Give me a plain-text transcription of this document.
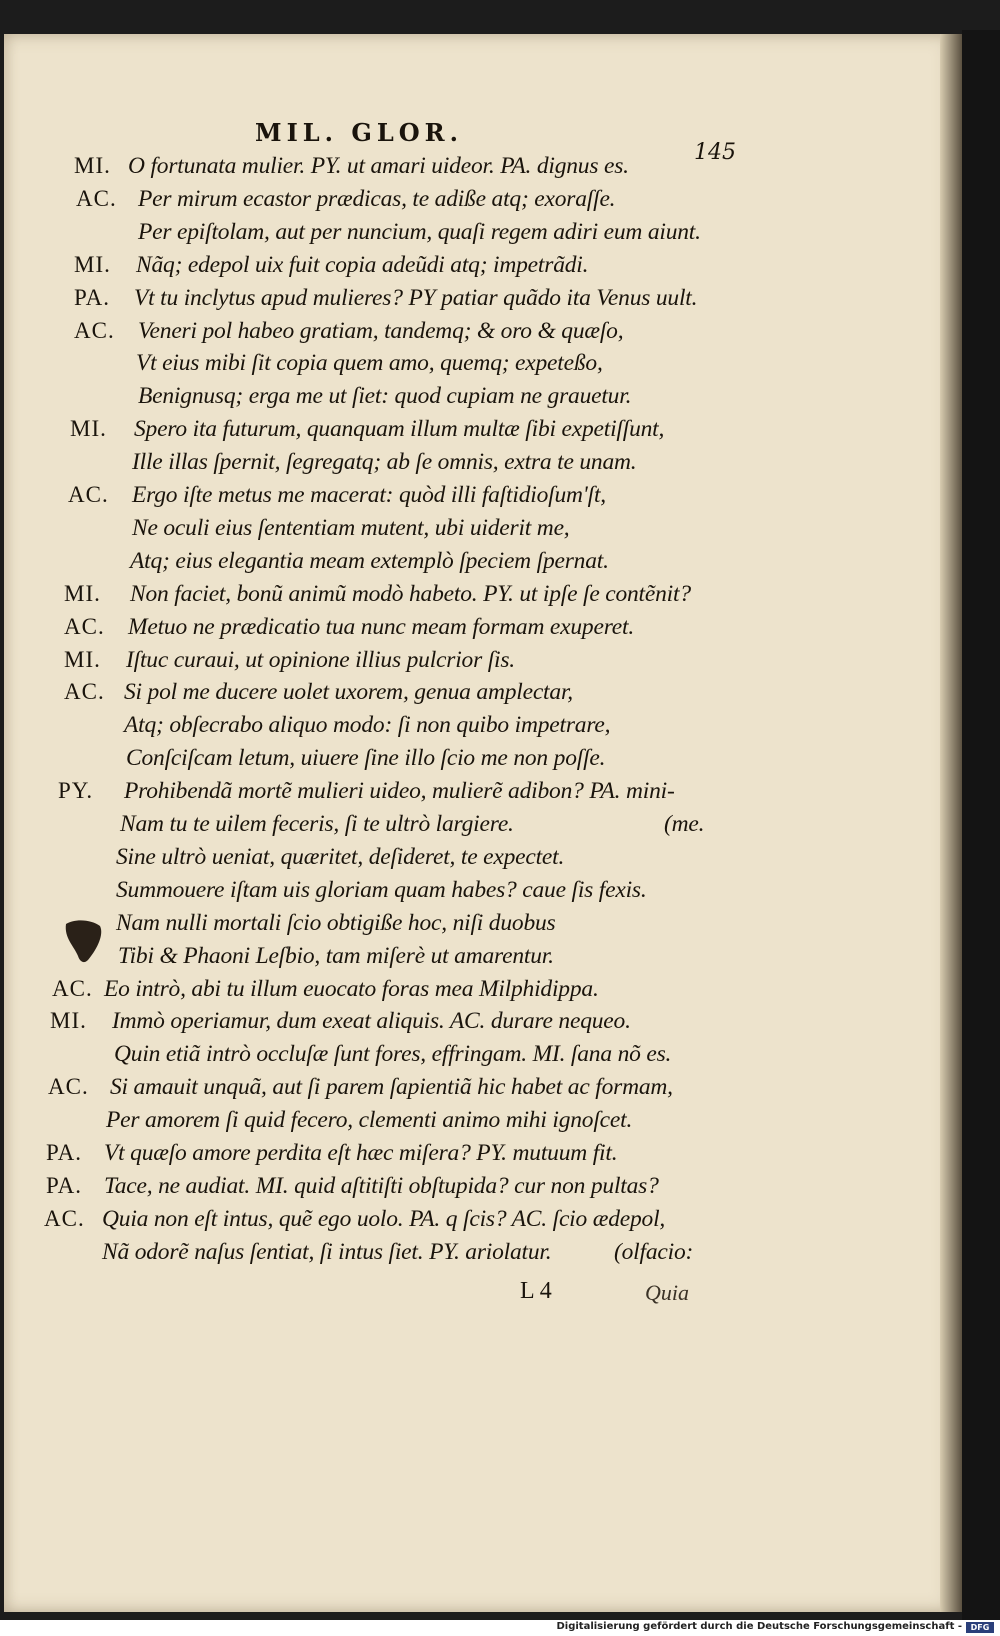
MIL. GLOR.
145
MI. O fortunata mulier. PY. ut amari uideor. PA. dignus es.
AC. Per mirum ecastor prædicas, te adiße atq; exoraſſe.
Per epiſtolam, aut per nuncium, quaſi regem adiri eum aiunt.
MI.	Nãq; edepol uix fuit copia adeũdi atq; impetrãdi.
PA.	Vt tu inclytus apud mulieres? PY patiar quãdo ita Venus uult.
AC. Veneri pol habeo gratiam, tandemq; & oro & quæſo,
Vt eius mibi ſit copia quem amo, quemq; expeteßo,
Benignusq; erga me ut ſiet: quod cupiam ne grauetur.
MI.	Spero ita futurum, quanquam illum multæ ſibi expetiſſunt,
Ille illas ſpernit, ſegregatq; ab ſe omnis, extra te unam.
AC. Ergo iſte metus me macerat: quòd illi faſtidioſum'ſt,
Ne oculi eius ſententiam mutent, ubi uiderit me,
Atq; eius elegantia meam extemplò ſpeciem ſpernat.
MI.	Non faciet, bonũ animũ modò habeto. PY. ut ipſe ſe contẽnit?
AC. Metuo ne prædicatio tua nunc meam formam exuperet.
MI.	Iſtuc curaui, ut opinione illius pulcrior ſis.
AC. Si pol me ducere uolet uxorem, genua amplectar,
Atq; obſecrabo aliquo modo: ſi non quibo impetrare,
Conſciſcam letum, uiuere ſine illo ſcio me non poſſe.
PY.	Prohibendã mortẽ mulieri uideo, mulierẽ adibon? PA. mini-
Nam tu te uilem feceris, ſi te ultrò largiere.	(me.
Sine ultrò ueniat, quæritet, deſideret, te expectet.
Summouere iſtam uis gloriam quam habes? caue ſis fexis.
Nam nulli mortali ſcio obtigiße hoc, niſi duobus
Tibi & Phaoni Leſbio, tam miſerè ut amarentur.
AC. Eo intrò, abi tu illum euocato foras mea Milphidippa.
MI.	Immò operiamur, dum exeat aliquis. AC. durare nequeo.
Quin etiã intrò occluſæ ſunt fores, effringam. MI. ſana nõ es.
AC. Si amauit unquã, aut ſi parem ſapientiã hic habet ac formam,
Per amorem ſi quid fecero, clementi animo mihi ignoſcet.
PA. Vt quæſo amore perdita eſt hæc miſera? PY. mutuum fit.
PA. Tace, ne audiat. MI. quid aſtitiſti obſtupida? cur non pultas?
AC. Quia non eſt intus, quẽ ego uolo. PA. q ſcis? AC. ſcio ædepol,
Nã odorẽ naſus ſentiat, ſi intus ſiet. PY. ariolatur.	(olfacio:
L 4	Quia
Digitalisierung gefördert durch die Deutsche Forschungsgemeinschaft -	DFG
